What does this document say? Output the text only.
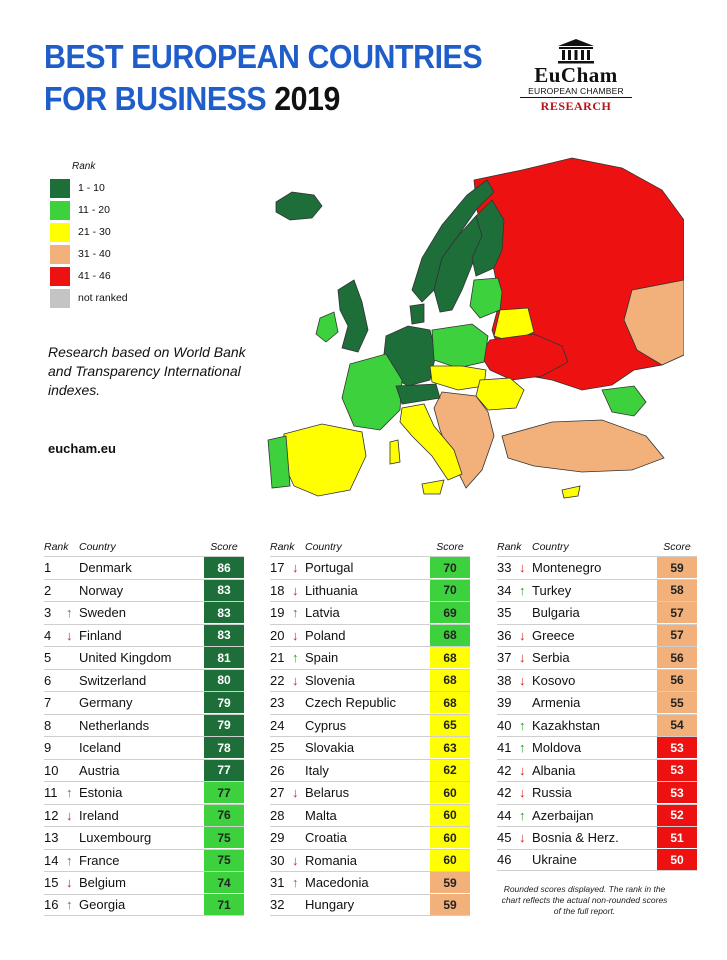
BEST EUROPEAN COUNTRIES
FOR BUSINESS 2019
EuCham
EUROPEAN CHAMBER
RESEARCH
Rank
1 - 10
11 - 20
21 - 30
31 - 40
41 - 46
not ranked
Research based on World Bank and Transparency International indexes.
eucham.eu
Rank Country	Score
1	Denmark	86
2	Norway	83
3	↑ Sweden	83
4	↓ Finland	83
5	United Kingdom	81
6	Switzerland	80
7	Germany	79
8	Netherlands	79
9	Iceland	78
10	Austria	77
11 ↑ Estonia	77
12 ↓ Ireland	76
13	Luxembourg	75
14 ↑ France	75
15 ↓ Belgium	74
16 ↑ Georgia	71
Rank Country	Score
17 ↓ Portugal	70
18 ↓ Lithuania	70
19 ↑ Latvia	69
20 ↓ Poland	68
21 ↑ Spain	68
22 ↓ Slovenia	68
23	Czech Republic	68
24	Cyprus	65
25	Slovakia	63
26	Italy	62
27 ↓ Belarus	60
28	Malta	60
29	Croatia	60
30 ↓ Romania	60
31 ↑ Macedonia	59
32	Hungary	59
Rank Country	Score
33 ↓ Montenegro	59
34 ↑ Turkey	58
35	Bulgaria	57
36 ↓ Greece	57
37 ↓ Serbia	56
38 ↓ Kosovo	56
39	Armenia	55
40 ↑ Kazakhstan	54
41 ↑ Moldova	53
42 ↓ Albania	53
42 ↓ Russia	53
44 ↑ Azerbaijan	52
45 ↓ Bosnia & Herz.	51
46	Ukraine	50
Rounded scores displayed. The rank in the chart reflects the actual non-rounded scores of the full report.
